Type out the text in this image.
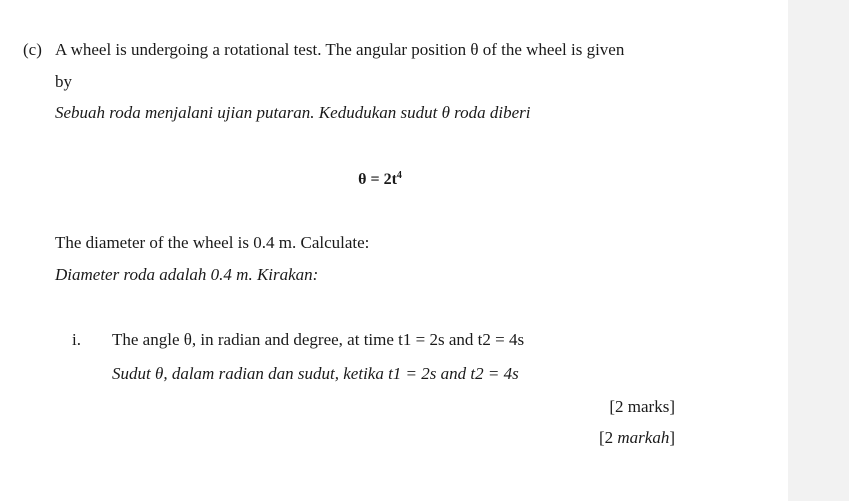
(c) A wheel is undergoing a rotational test. The angular position θ of the wheel is given
by
Sebuah roda menjalani ujian putaran. Kedudukan sudut θ roda diberi
$\theta = 2t^4$
The diameter of the wheel is 0.4 m. Calculate:
Diameter roda adalah 0.4 m. Kirakan:
i. The angle θ, in radian and degree, at time t1 = 2s and t2 = 4s
Sudut θ, dalam radian dan sudut, ketika t1 = 2s and t2 = 4s
[2 marks]
[2 markah]
